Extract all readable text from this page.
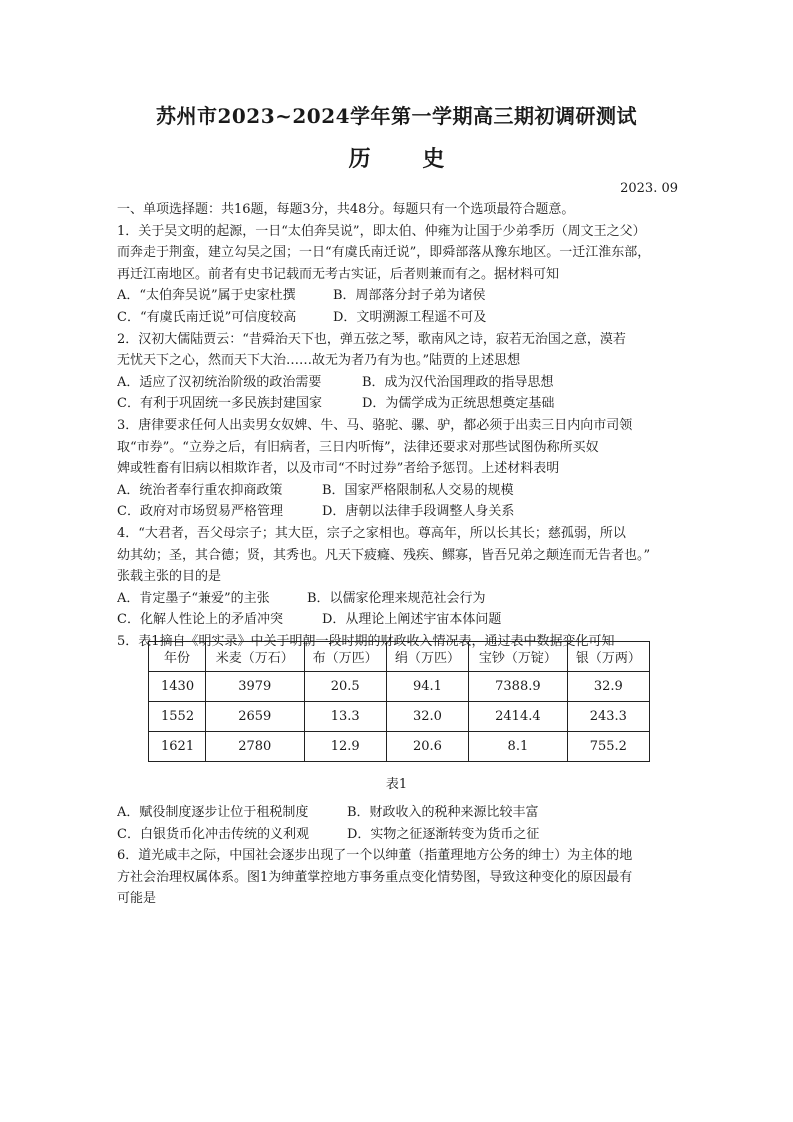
苏州市2023~2024学年第一学期高三期初调研测试
历 史
2023. 09
一、单项选择题：共16题，每题3分，共48分。每题只有一个选项最符合题意。
1．关于吴文明的起源，一日“太伯奔吴说”，即太伯、仲雍为让国于少弟季历（周文王之父）
而奔走于荆蛮，建立勾吴之国；一日“有虞氏南迁说”，即舜部落从豫东地区。一迁江淮东部，
再迁江南地区。前者有史书记载而无考古实证，后者则兼而有之。据材料可知
A．“太伯奔吴说”属于史家杜撰	B．周部落分封子弟为诸侯
C．“有虞氏南迁说”可信度较高	D．文明溯源工程遥不可及
2．汉初大儒陆贾云：“昔舜治天下也，弹五弦之琴，歌南风之诗，寂若无治国之意，漠若
无忧天下之心，然而天下大治……故无为者乃有为也。”陆贾的上述思想
A．适应了汉初统治阶级的政治需要	B．成为汉代治国理政的指导思想
C．有利于巩固统一多民族封建国家	D．为儒学成为正统思想奠定基础
3．唐律要求任何人出卖男女奴婢、牛、马、骆驼、骡、驴，都必须于出卖三日内向市司领
取“市券”。“立券之后，有旧病者，三日内听悔”，法律还要求对那些试图伪称所买奴
婢或牲畜有旧病以相欺诈者，以及市司“不时过券”者给予惩罚。上述材料表明
A．统治者奉行重农抑商政策	B．国家严格限制私人交易的规模
C．政府对市场贸易严格管理	D．唐朝以法律手段调整人身关系
4．“大君者，吾父母宗子；其大臣，宗子之家相也。尊高年，所以长其长；慈孤弱，所以
幼其幼；圣，其合德；贤，其秀也。凡天下疲癃、残疾、鳏寡，皆吾兄弟之颠连而无告者也。”
张载主张的目的是
A．肯定墨子“兼爱”的主张	B．以儒家伦理来规范社会行为
C．化解人性论上的矛盾冲突	D．从理论上阐述宇宙本体问题
5．表1摘自《明实录》中关于明朝一段时期的财政收入情况表，通过表中数据变化可知
年份	米麦（万石）	布（万匹）	绢（万匹）	宝钞（万锭）	银（万两）
1430	3979	20.5	94.1	7388.9	32.9
1552	2659	13.3	32.0	2414.4	243.3
1621	2780	12.9	20.6	8.1	755.2
表1
A．赋役制度逐步让位于租税制度	B．财政收入的税种来源比较丰富
C．白银货币化冲击传统的义利观	D．实物之征逐渐转变为货币之征
6．道光咸丰之际，中国社会逐步出现了一个以绅董（指董理地方公务的绅士）为主体的地
方社会治理权属体系。图1为绅董掌控地方事务重点变化情势图，导致这种变化的原因最有
可能是
